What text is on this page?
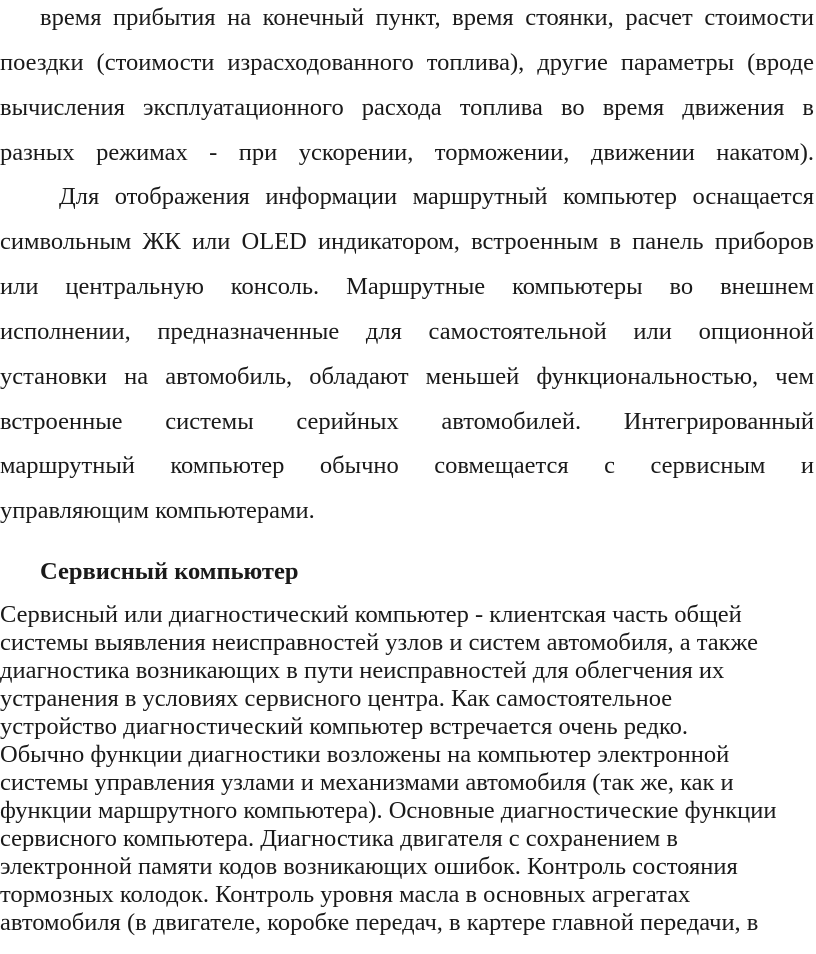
время прибытия на конечный пункт, время стоянки, расчет стоимости
поездки (стоимости израсходованного топлива), другие параметры (вроде
вычисления эксплуатационного расхода топлива во время движения в
разных режимах - при ускорении, торможении, движении накатом).
Для отображения информации маршрутный компьютер оснащается
символьным ЖК или OLED индикатором, встроенным в панель приборов
или центральную консоль. Маршрутные компьютеры во внешнем
исполнении, предназначенные для самостоятельной или опционной
установки на автомобиль, обладают меньшей функциональностью, чем
встроенные системы серийных автомобилей. Интегрированный
маршрутный компьютер обычно совмещается с сервисным и
управляющим компьютерами.
Сервисный компьютер
Сервисный или диагностический компьютер - клиентская часть общей
системы выявления неисправностей узлов и систем автомобиля, а также
диагностика возникающих в пути неисправностей для облегчения их
устранения в условиях сервисного центра. Как самостоятельное
устройство диагностический компьютер встречается очень редко.
Обычно функции диагностики возложены на компьютер электронной
системы управления узлами и механизмами автомобиля (так же, как и
функции маршрутного компьютера). Основные диагностические функции
сервисного компьютера. Диагностика двигателя с сохранением в
электронной памяти кодов возникающих ошибок. Контроль состояния
тормозных колодок. Контроль уровня масла в основных агрегатах
автомобиля (в двигателе, коробке передач, в картере главной передачи, в
